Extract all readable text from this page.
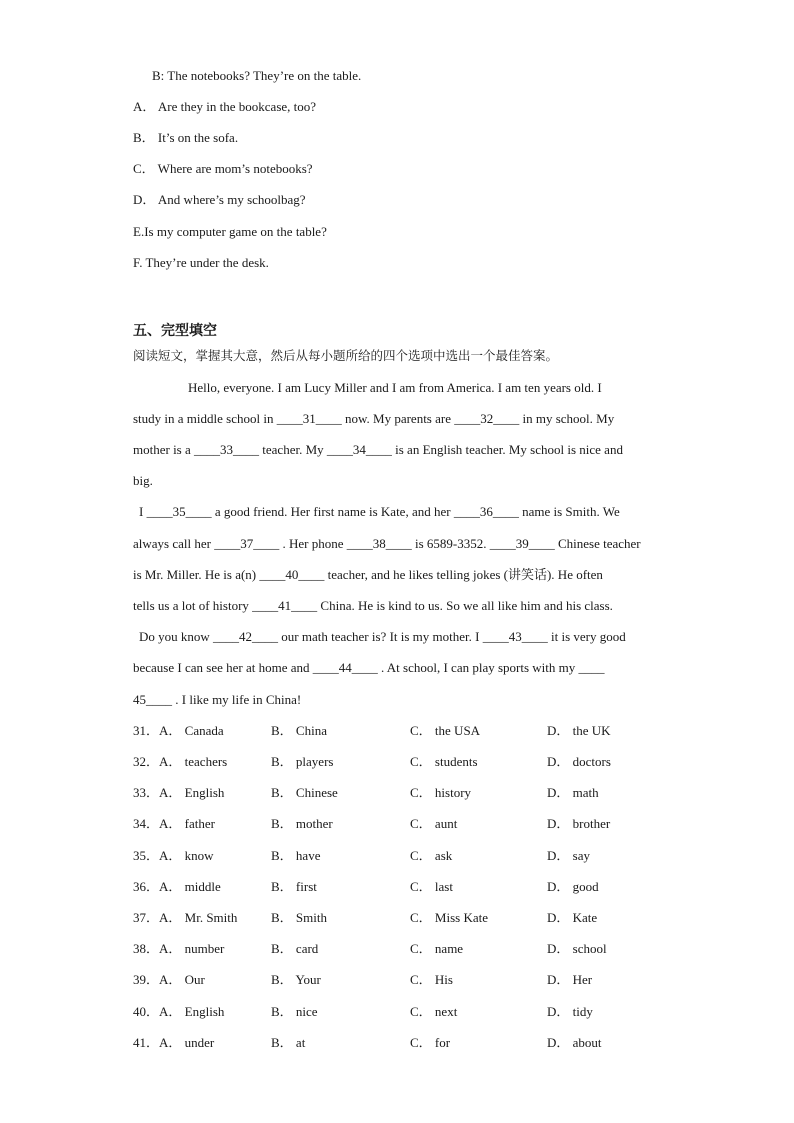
B: The notebooks? They’re on the table.
A． Are they in the bookcase, too?
B． It’s on the sofa.
C． Where are mom’s notebooks?
D． And where’s my schoolbag?
E.Is my computer game on the table?
F. They’re under the desk.
五、完型填空
阅读短文，掌握其大意，然后从每小题所给的四个选项中选出一个最佳答案。
Hello, everyone. I am Lucy Miller and I am from America. I am ten years old. I
study in a middle school in ____31____ now. My parents are ____32____ in my school. My
mother is a ____33____ teacher. My ____34____ is an English teacher. My school is nice and
big.
I ____35____ a good friend. Her first name is Kate, and her ____36____ name is Smith. We
always call her ____37____ . Her phone ____38____ is 6589-3352. ____39____ Chinese teacher
is Mr. Miller. He is a(n) ____40____ teacher, and he likes telling jokes (讲笑话). He often
tells us a lot of history ____41____ China. He is kind to us. So we all like him and his class.
Do you know ____42____ our math teacher is? It is my mother. I ____43____ it is very good
because I can see her at home and ____44____ . At school, I can play sports with my ____
45____ . I like my life in China!
31．A． Canada	B． China	C． the USA	D． the UK
32．A． teachers	B． players	C． students	D． doctors
33．A． English	B． Chinese	C． history	D． math
34．A． father	B． mother	C． aunt	D． brother
35．A． know	B． have	C． ask	D． say
36．A． middle	B． first	C． last	D． good
37．A． Mr. Smith	B． Smith	C． Miss Kate	D． Kate
38．A． number	B． card	C． name	D． school
39．A． Our	B． Your	C． His	D． Her
40．A． English	B． nice	C． next	D． tidy
41．A． under	B． at	C． for	D． about
